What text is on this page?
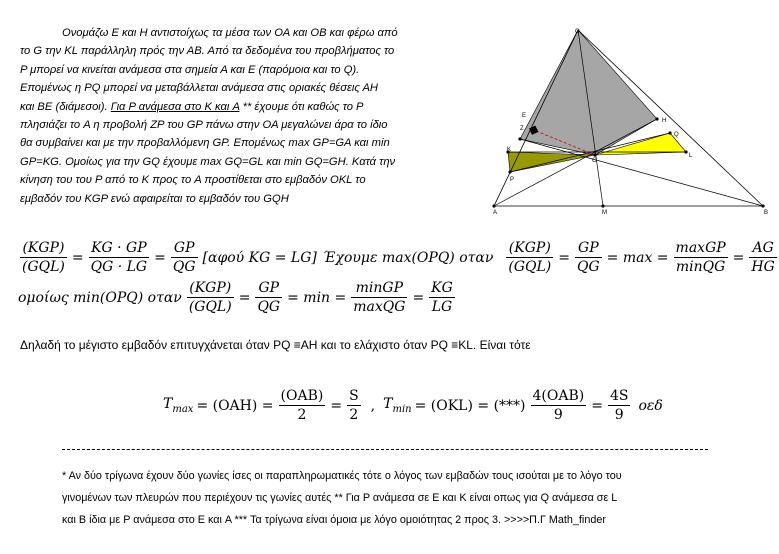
Ονομάζω Ε και Η αντιστοίχως τα μέσα των ΟΑ και ΟΒ και φέρω από

το G την KL παράλληλη πρός την ΑΒ. Από τα δεδομένα του προβλήματος το

P μπορεί να κινείται ανάμεσα στα σημεία Α και Ε (παρόμοια και το Q).

Επομένως η PQ μπορεί να μεταβάλλεται ανάμεσα στις οριακές θέσεις ΑΗ

και ΒΕ (διάμεσοι). Για P ανάμεσα στο K και A ** έχουμε ότι καθώς το P

πλησιάζει το A η προβολή ΖP του GP πάνω στην ΟΑ μεγαλώνει άρα το ίδιο

θα συμβαίνει και με την προβαλλόμενη GP. Επομένως max GP=GA και min

GP=KG. Ομοίως για την GQ έχουμε max GQ=GL και min GQ=GH. Κατά την

κίνηση του του P από το K προς το A προστίθεται στο εμβαδόν OKL το

εμβαδόν του KGP ενώ αφαιρείται το εμβαδόν του GQH

O
E
Z
H
Q
K
G
L
P
A	M	B
(KGP)
(GQL)
= $\frac{KG \cdot GP}{QG \cdot LG} = \frac{GP}{QG} [\alpha\varphi oύ$ KG = LG] Έχουμε max(OPQ) οταν
(KGP)
(GQL)
= $\frac{GP}{QG} = \max$ =
maxGP
minQG
= $\frac{AG}{HG}$
ομοίως min(OPQ) οταν
(KGP)
(GQL)
= $\frac{GP}{QG} = \min$ =
minGP
maxQG
= $\frac{KG}{LG}$
Δηλαδή το μέγιστο εμβαδόν επιτυγχάνεται όταν PQ ≡ΑΗ και το ελάχιστο όταν PQ ≡KL. Είναι τότε
$T_{max} = (OAH)$ =
(OAB)
2
= $\frac{S}{2}$ , $T_{min} = (OKL)$ = (***)
4(OAB)
9
= $\frac{4S}{9}$ οεδ
* Αν δύο τρίγωνα έχουν δύο γωνίες ίσες οι παραπληρωματικές τότε ο λόγος των εμβαδών τους ισούται με το λόγο του
γινομένων των πλευρών που περιέχουν τις γωνίες αυτές ** Για P ανάμεσα σε Ε και K είναι οπως για Q ανάμεσα σε L
και B ίδια με P ανάμεσα στο Ε και A *** Τα τρίγωνα είναι όμοια με λόγο ομοιότητας 2 προς 3. >>>>Π.Γ Math_finder
